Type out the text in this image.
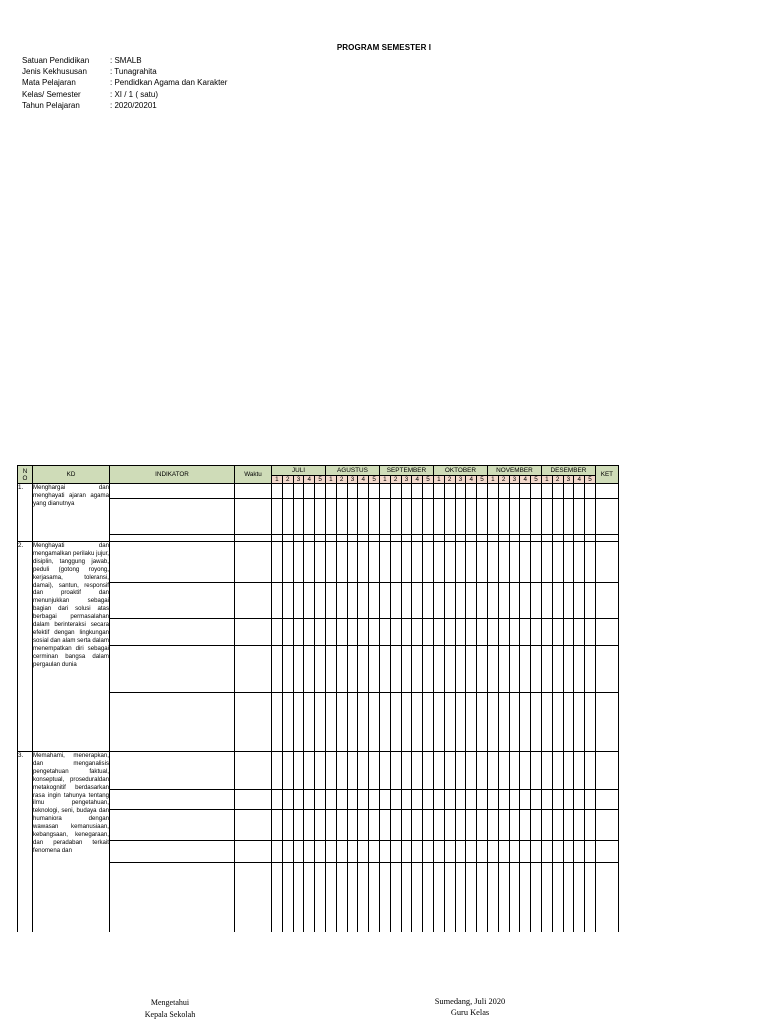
PROGRAM SEMESTER I
Satuan Pendidikan	: SMALB
Jenis Kekhususan	: Tunagrahita
Mata Pelajaran	: Pendidkan Agama dan Karakter
Kelas/ Semester	: XI / 1 ( satu)
Tahun Pelajaran	: 2020/20201
N
O	KD	INDIKATOR	Waktu	JULI					AGUSTUS					SEPTEMBER					OKTOBER					NOVEMBER					DESEMBER					KET
				1	2	3	4	5	1	2	3	4	5	1	2	3	4	5	1	2	3	4	5	1	2	3	4	5	1	2	3	4	5	
1.	Menghargai dan menghayati ajaran agama yang dianutnya																																	

2.	Menghayati dan mengamalkan perilaku jujur, disiplin, tanggung jawab, peduli (gotong royong, kerjasama, toleransi, damai), santun, responsif dan proaktif dan menunjukkan sebagai bagian dari solusi atas berbagai permasalahan dalam berinteraksi secara efektif dengan lingkungan sosial dan alam serta dalam menempatkan diri sebagai cerminan bangsa dalam pergaulan dunia																																	

3.	Memahami, menerapkan, dan menganalisis pengetahuan faktual, konseptual, proseduraldan metakognitif berdasarkan rasa ingin tahunya tentang ilmu pengetahuan, teknologi, seni, budaya dan humaniora dengan wawasan kemanusiaan, kebangsaan, kenegaraan, dan peradaban terkait fenomena dan																																	

Mengetahui
Kepala Sekolah
Sumedang, Juli 2020
Guru Kelas
